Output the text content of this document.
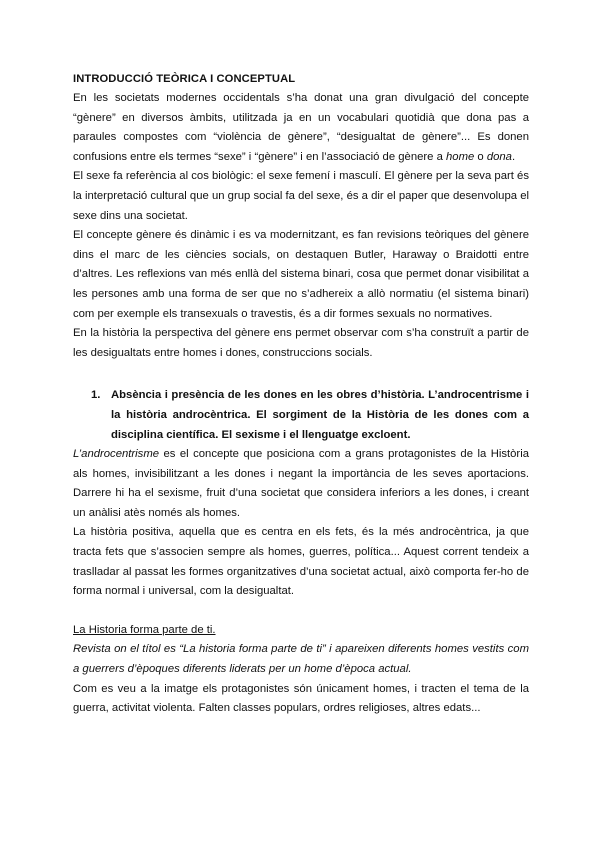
INTRODUCCIÓ TEÒRICA I CONCEPTUAL

En les societats modernes occidentals s’ha donat una gran divulgació del concepte “gènere” en diversos àmbits, utilitzada ja en un vocabulari quotidià que dona pas a paraules compostes com “violència de gènere”, “desigualtat de gènere”... Es donen confusions entre els termes “sexe” i “gènere” i en l’associació de gènere a home o dona.

El sexe fa referència al cos biològic: el sexe femení i masculí. El gènere per la seva part és la interpretació cultural que un grup social fa del sexe, és a dir el paper que desenvolupa el sexe dins una societat.

El concepte gènere és dinàmic i es va modernitzant, es fan revisions teòriques del gènere dins el marc de les ciències socials, on destaquen Butler, Haraway o Braidotti entre d’altres. Les reflexions van més enllà del sistema binari, cosa que permet donar visibilitat a les persones amb una forma de ser que no s’adhereix a allò normatiu (el sistema binari) com per exemple els transexuals o travestis, és a dir formes sexuals no normatives.

En la història la perspectiva del gènere ens permet observar com s’ha construït a partir de les desigualtats entre homes i dones, construccions socials.

1. Absència i presència de les dones en les obres d’història. L’androcentrisme i la història androcèntrica. El sorgiment de la Història de les dones com a disciplina científica. El sexisme i el llenguatge excloent.

L’androcentrisme es el concepte que posiciona com a grans protagonistes de la Història als homes, invisibilitzant a les dones i negant la importància de les seves aportacions. Darrere hi ha el sexisme, fruit d’una societat que considera inferiors a les dones, i creant un anàlisi atès només als homes.

La història positiva, aquella que es centra en els fets, és la més androcèntrica, ja que tracta fets que s’associen sempre als homes, guerres, política... Aquest corrent tendeix a traslladar al passat les formes organitzatives d’una societat actual, això comporta fer-ho de forma normal i universal, com la desigualtat.

La Historia forma parte de ti.

Revista on el títol es “La historia forma parte de ti” i apareixen diferents homes vestits com a guerrers d’èpoques diferents liderats per un home d’època actual.

Com es veu a la imatge els protagonistes són únicament homes, i tracten el tema de la guerra, activitat violenta. Falten classes populars, ordres religioses, altres edats...
